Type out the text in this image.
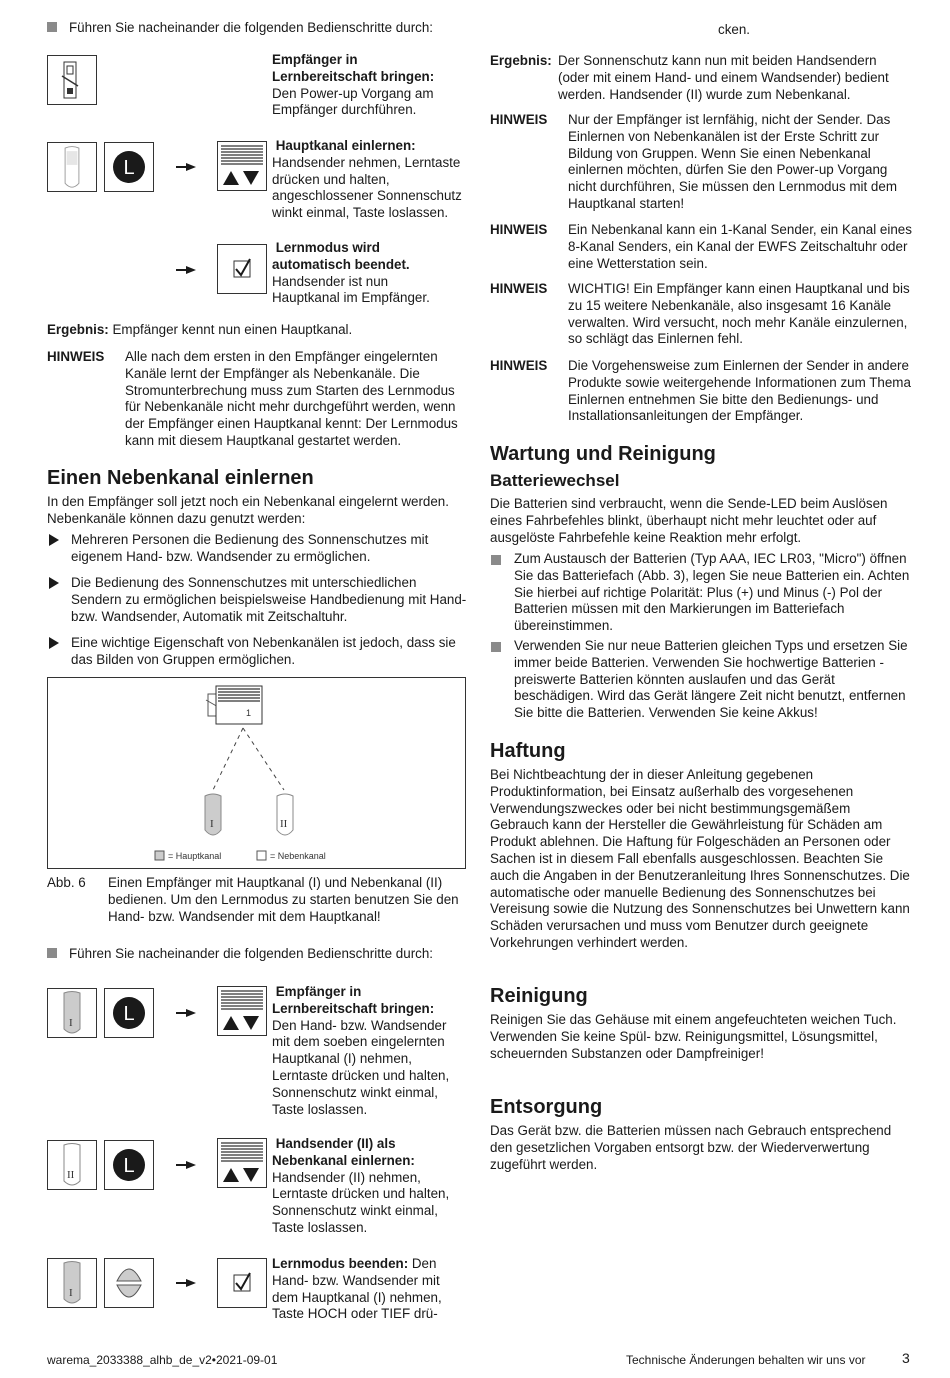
Führen Sie nacheinander die folgenden Bedienschritte durch:

Empfänger in Lernbereitschaft bringen:

Den Power-up Vorgang am Empfänger durchführen.

L

Hauptkanal einlernen: Handsender nehmen, Lerntaste drücken und halten, angeschlossener Sonnenschutz winkt einmal, Taste loslassen.

Lernmodus wird automatisch beendet. Handsender ist nun Hauptkanal im Empfänger.

Ergebnis: Empfänger kennt nun einen Hauptkanal.
HINWEIS Alle nach dem ersten in den Empfänger eingelernten Kanäle lernt der Empfänger als Nebenkanäle. Die Stromunterbrechung muss zum Starten des Lernmodus für Nebenkanäle nicht mehr durchgeführt werden, wenn der Empfänger einen Hauptkanal kennt: Der Lernmodus kann mit diesem Hauptkanal gestartet werden.

Einen Nebenkanal einlernen
In den Empfänger soll jetzt noch ein Nebenkanal eingelernt werden. Nebenkanäle können dazu genutzt werden:

Mehreren Personen die Bedienung des Sonnenschutzes mit eigenem Hand- bzw. Wandsender zu ermöglichen.

Die Bedienung des Sonnenschutzes mit unterschiedlichen Sendern zu ermöglichen beispielsweise Handbedienung mit Hand- bzw. Wandsender, Automatik mit Zeitschaltuhr.

Eine wichtige Eigenschaft von Nebenkanälen ist jedoch, dass sie das Bilden von Gruppen ermöglichen.

1
I	II
= Hauptkanal	= Nebenkanal
Abb. 6 Einen Empfänger mit Hauptkanal (I) und Nebenkanal (II) bedienen. Um den Lernmodus zu starten benutzen Sie den Hand- bzw. Wandsender mit dem Hauptkanal!

Führen Sie nacheinander die folgenden Bedienschritte durch:
I	L

Empfänger in Lernbereitschaft bringen:

Den Hand- bzw. Wandsender mit dem soeben eingelernten Hauptkanal (I) nehmen, Lerntaste drücken und halten, Sonnenschutz winkt einmal, Taste loslassen.

II L

Handsender (II) als Nebenkanal einlernen:

Handsender (II) nehmen, Lerntaste drücken und halten, Sonnenschutz winkt einmal, Taste loslassen.

I

Lernmodus beenden: Den Hand- bzw. Wandsender mit dem Hauptkanal (I) nehmen, Taste HOCH oder TIEF drü-

cken.
Ergebnis: Der Sonnenschutz kann nun mit beiden Handsendern (oder mit einem Hand- und einem Wandsender) bedient werden. Handsender (II) wurde zum Nebenkanal.

HINWEIS Nur der Empfänger ist lernfähig, nicht der Sender. Das Einlernen von Nebenkanälen ist der Erste Schritt zur Bildung von Gruppen. Wenn Sie einen Nebenkanal einlernen möchten, dürfen Sie den Power-up Vorgang nicht durchführen, Sie müssen den Lernmodus mit dem Hauptkanal starten!

HINWEIS Ein Nebenkanal kann ein 1-Kanal Sender, ein Kanal eines 8-Kanal Senders, ein Kanal der EWFS Zeitschaltuhr oder eine Wetterstation sein.

HINWEIS WICHTIG! Ein Empfänger kann einen Hauptkanal und bis zu 15 weitere Nebenkanäle, also insgesamt 16 Kanäle verwalten. Wird versucht, noch mehr Kanäle einzulernen, so schlägt das Einlernen fehl.

HINWEIS Die Vorgehensweise zum Einlernen der Sender in andere Produkte sowie weitergehende Informationen zum Thema Einlernen entnehmen Sie bitte den Bedienungs- und Installationsanleitungen der Empfänger.

Wartung und Reinigung
Batteriewechsel
Die Batterien sind verbraucht, wenn die Sende-LED beim Auslösen eines Fahrbefehles blinkt, überhaupt nicht mehr leuchtet oder auf ausgelöste Fahrbefehle keine Reaktion mehr erfolgt.

Zum Austausch der Batterien (Typ AAA, IEC LR03, "Micro") öffnen Sie das Batteriefach (Abb. 3), legen Sie neue Batterien ein. Achten Sie hierbei auf richtige Polarität: Plus (+) und Minus (-) Pol der Batterien müssen mit den Markierungen im Batteriefach übereinstimmen.

Verwenden Sie nur neue Batterien gleichen Typs und ersetzen Sie immer beide Batterien. Verwenden Sie hochwertige Batterien - preiswerte Batterien könnten auslaufen und das Gerät beschädigen. Wird das Gerät längere Zeit nicht benutzt, entfernen Sie bitte die Batterien. Verwenden Sie keine Akkus!

Haftung
Bei Nichtbeachtung der in dieser Anleitung gegebenen Produktinformation, bei Einsatz außerhalb des vorgesehenen Verwendungszweckes oder bei nicht bestimmungsgemäßem Gebrauch kann der Hersteller die Gewährleistung für Schäden am Produkt ablehnen. Die Haftung für Folgeschäden an Personen oder Sachen ist in diesem Fall ebenfalls ausgeschlossen. Beachten Sie auch die Angaben in der Benutzeranleitung Ihres Sonnenschutzes. Die automatische oder manuelle Bedienung des Sonnenschutzes bei Vereisung sowie die Nutzung des Sonnenschutzes bei Unwettern kann Schäden verursachen und muss vom Benutzer durch geeignete Vorkehrungen verhindert werden.
Reinigung
Reinigen Sie das Gehäuse mit einem angefeuchteten weichen Tuch. Verwenden Sie keine Spül- bzw. Reinigungsmittel, Lösungsmittel, scheuernden Substanzen oder Dampfreiniger!
Entsorgung
Das Gerät bzw. die Batterien müssen nach Gebrauch entsprechend den gesetzlichen Vorgaben entsorgt bzw. der Wiederverwertung zugeführt werden.
warema_2033388_alhb_de_v2•2021-09-01	Technische Änderungen behalten wir uns vor	3
